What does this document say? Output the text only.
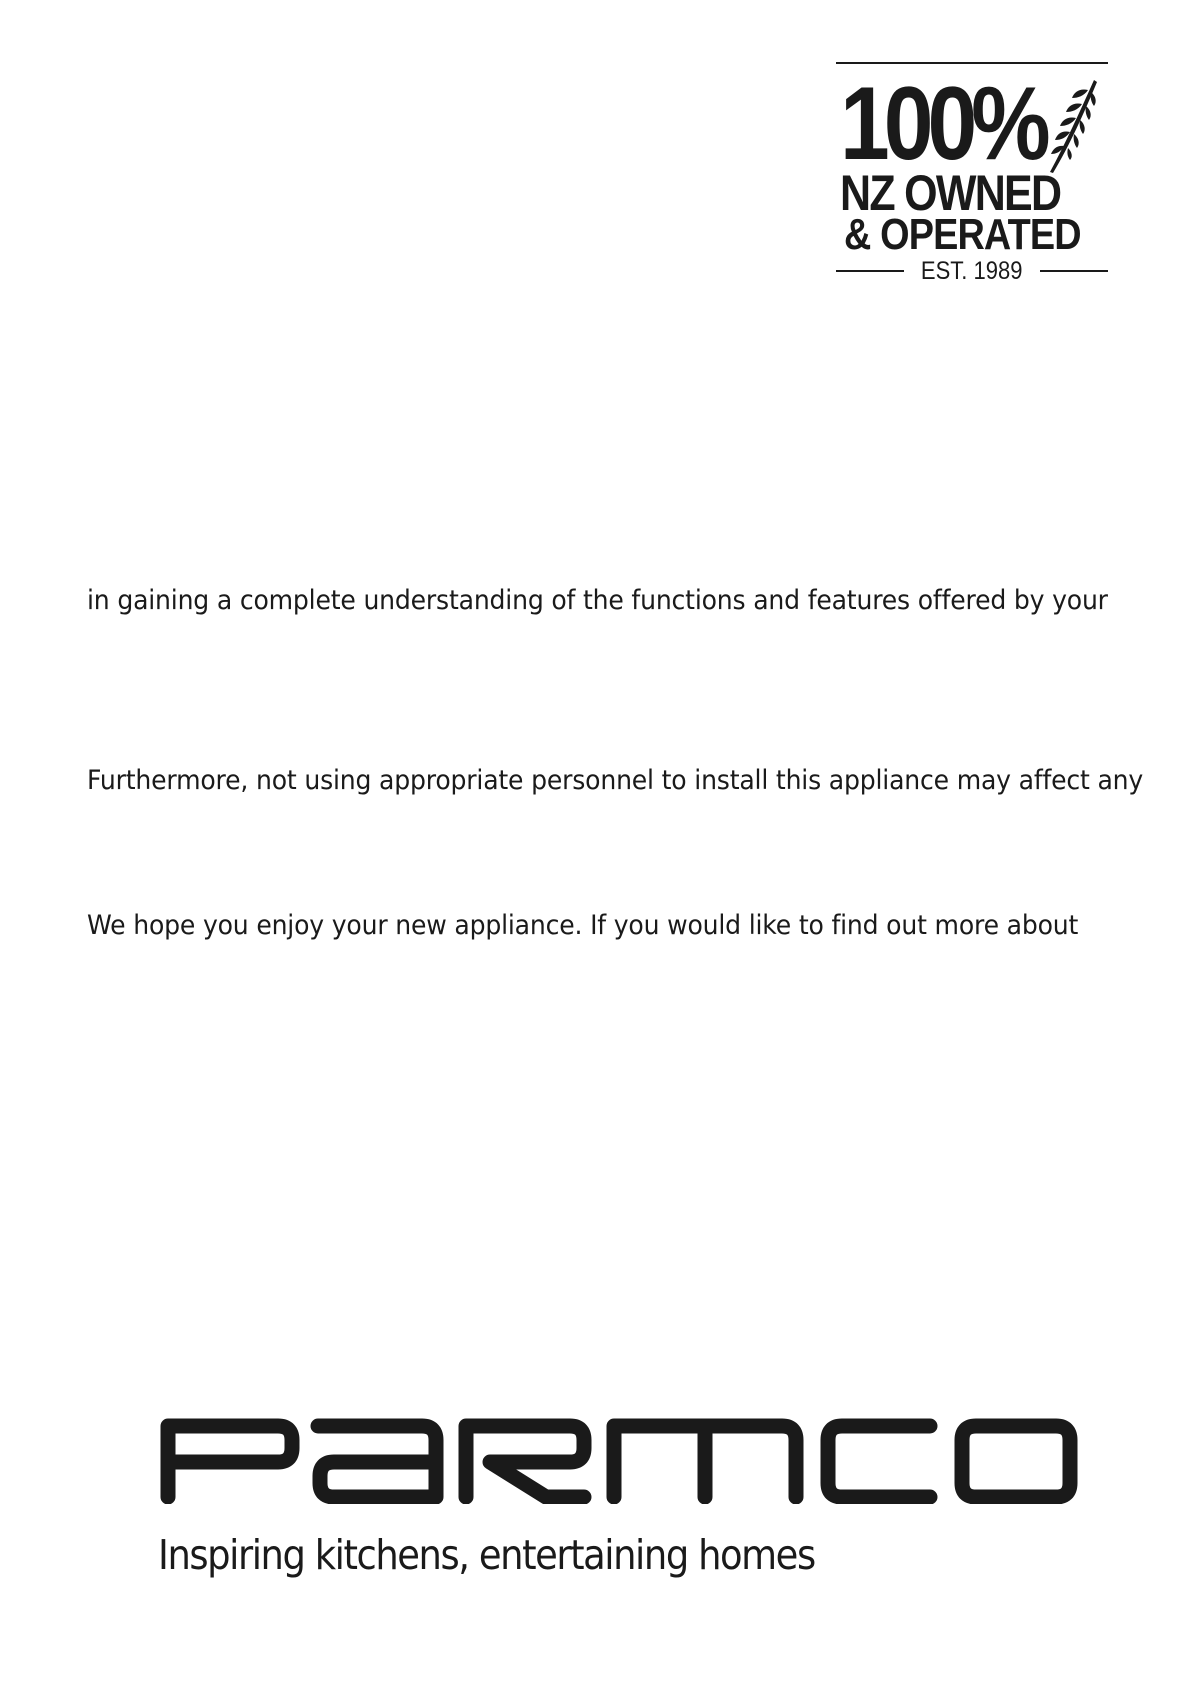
100%
NZ OWNED
& OPERATED
EST. 1989
in gaining a complete understanding of the functions and features offered by your
Furthermore, not using appropriate personnel to install this appliance may affect any
We hope you enjoy your new appliance. If you would like to find out more about
Inspiring kitchens, entertaining homes
